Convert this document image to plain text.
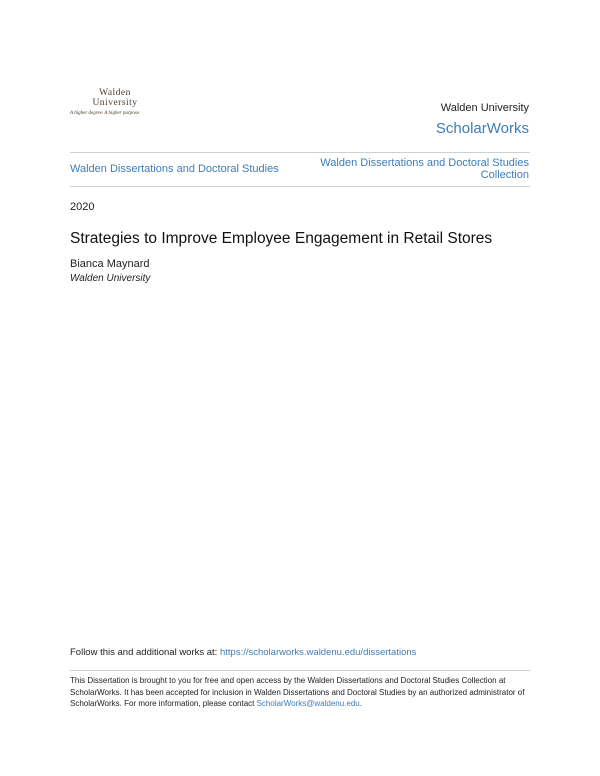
Walden
University
A higher degree. A higher purpose.	Walden University
ScholarWorks
Walden Dissertations and Doctoral Studies	Walden Dissertations and Doctoral Studies Collection
2020
Strategies to Improve Employee Engagement in Retail Stores
Bianca Maynard
Walden University
Follow this and additional works at: https://scholarworks.waldenu.edu/dissertations
This Dissertation is brought to you for free and open access by the Walden Dissertations and Doctoral Studies Collection at ScholarWorks. It has been accepted for inclusion in Walden Dissertations and Doctoral Studies by an authorized administrator of ScholarWorks. For more information, please contact ScholarWorks@waldenu.edu.
